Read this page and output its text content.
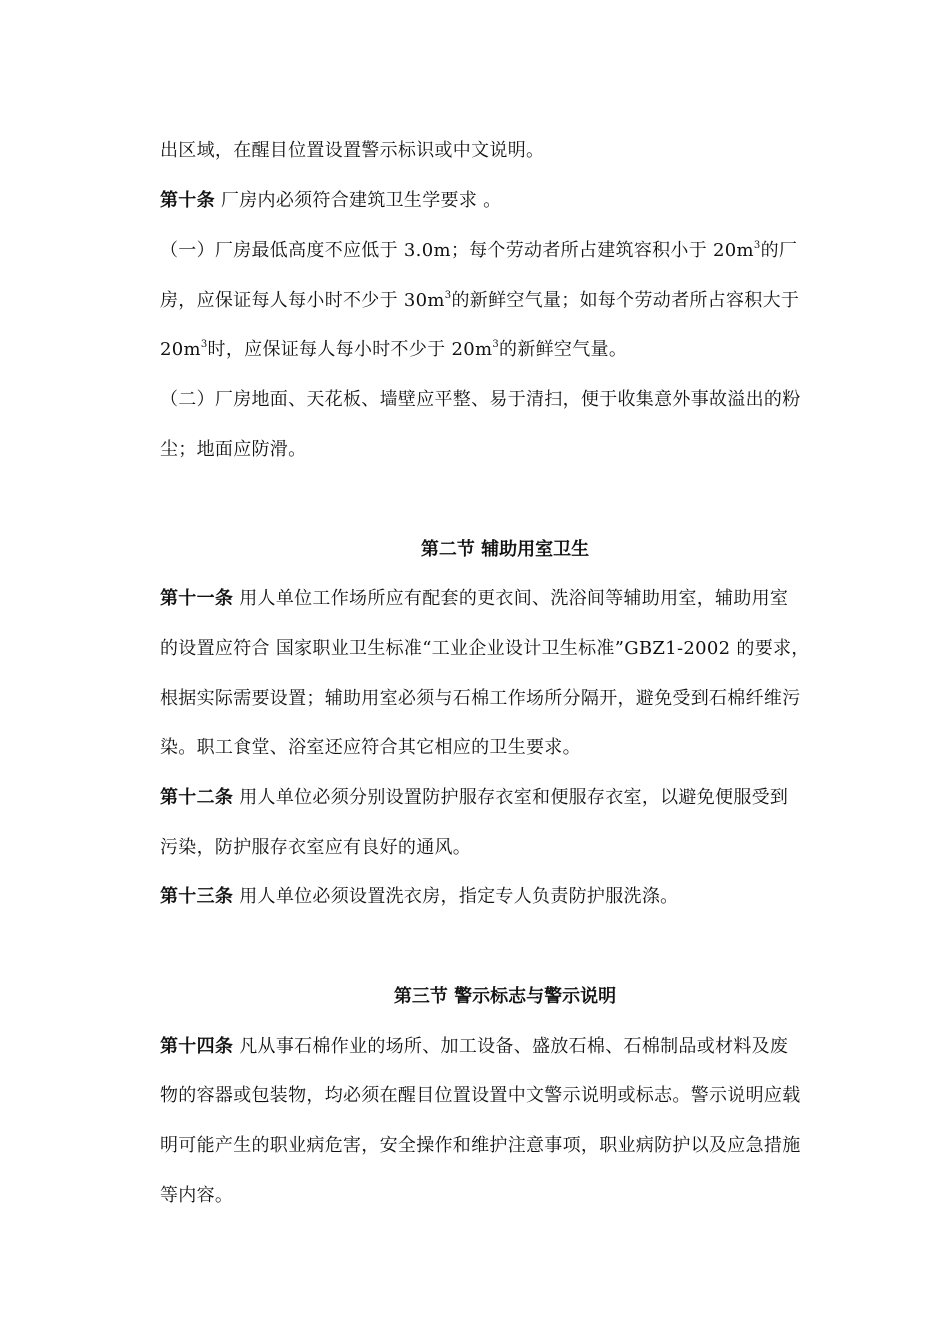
出区域，在醒目位置设置警示标识或中文说明。
第十条 厂房内必须符合建筑卫生学要求 。
（一）厂房最低高度不应低于 3.0m；每个劳动者所占建筑容积小于 $20m^3$的厂
房，应保证每人每小时不少于 $30m^3$的新鲜空气量；如每个劳动者所占容积大于
$20m^3$时，应保证每人每小时不少于 $20m^3$的新鲜空气量。
（二）厂房地面、天花板、墙壁应平整、易于清扫，便于收集意外事故溢出的粉
尘；地面应防滑。
第二节 辅助用室卫生
第十一条 用人单位工作场所应有配套的更衣间、洗浴间等辅助用室，辅助用室
的设置应符合 国家职业卫生标准“工业企业设计卫生标准”GBZ1-2002 的要求，
根据实际需要设置；辅助用室必须与石棉工作场所分隔开，避免受到石棉纤维污
染。职工食堂、浴室还应符合其它相应的卫生要求。
第十二条 用人单位必须分别设置防护服存衣室和便服存衣室，以避免便服受到
污染，防护服存衣室应有良好的通风。
第十三条 用人单位必须设置洗衣房，指定专人负责防护服洗涤。
第三节 警示标志与警示说明
第十四条 凡从事石棉作业的场所、加工设备、盛放石棉、石棉制品或材料及废
物的容器或包装物，均必须在醒目位置设置中文警示说明或标志。警示说明应载
明可能产生的职业病危害，安全操作和维护注意事项，职业病防护以及应急措施
等内容。
